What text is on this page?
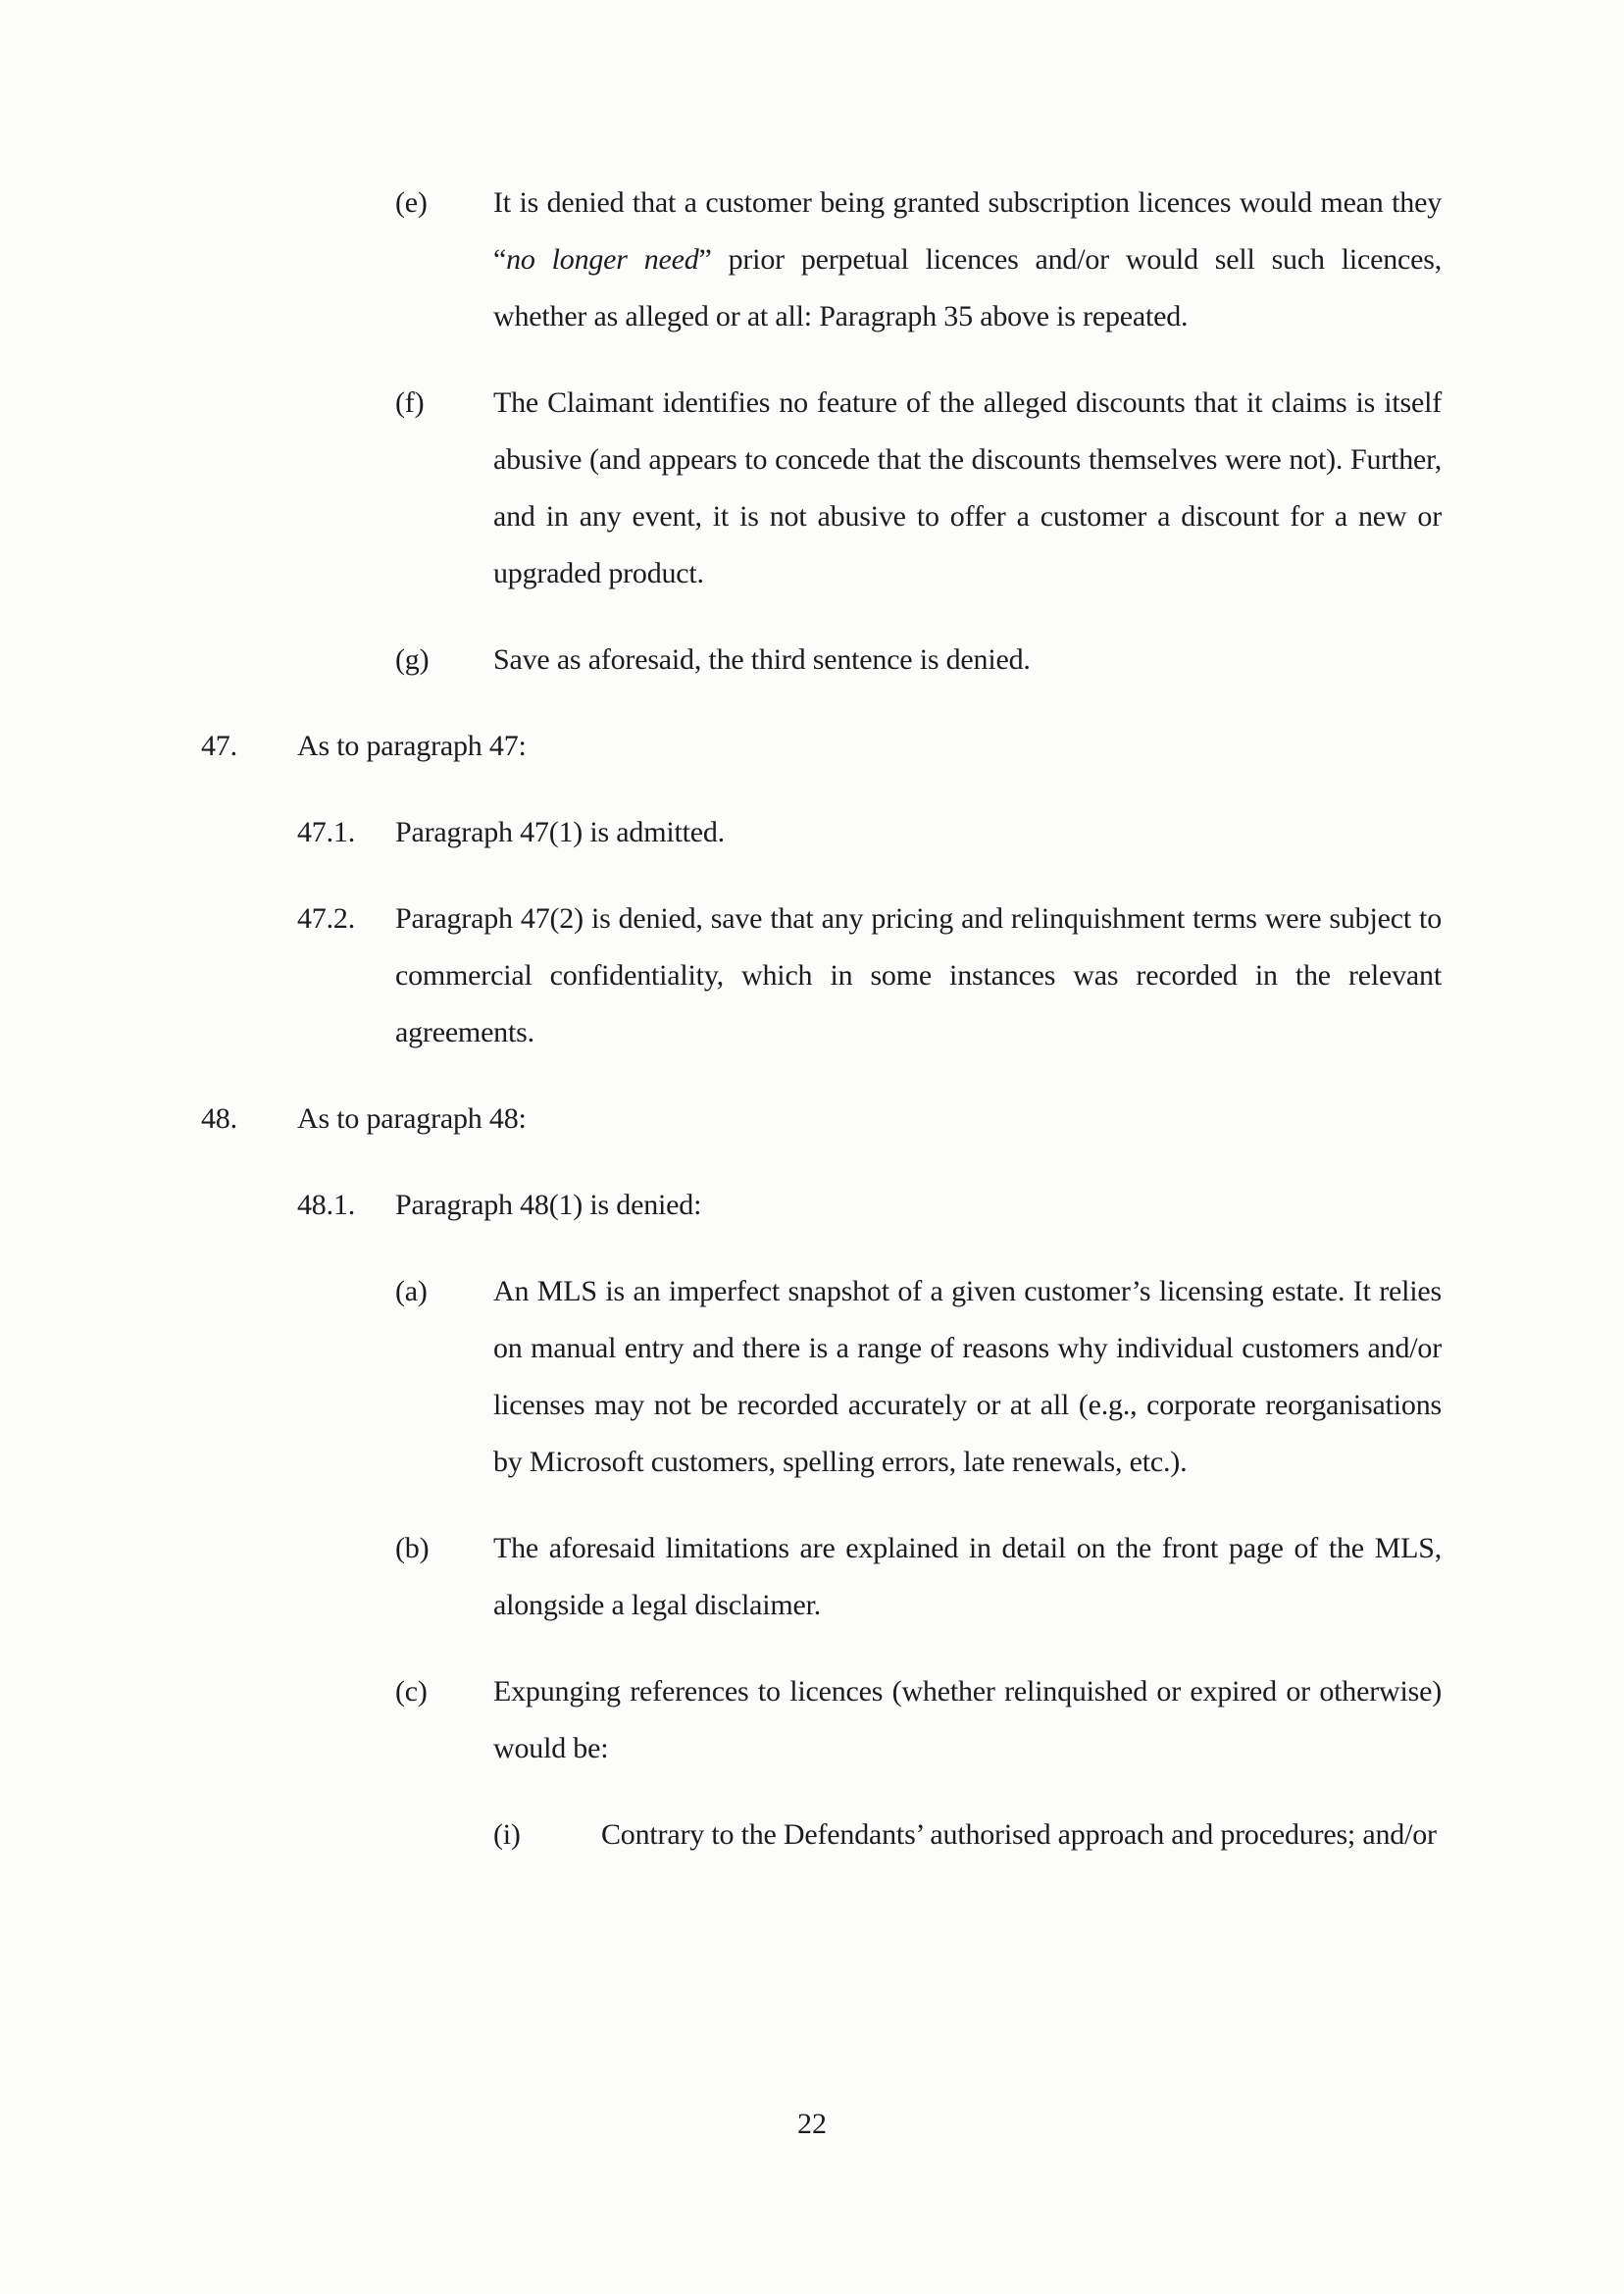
(e)	It is denied that a customer being granted subscription licences would mean they “no longer need” prior perpetual licences and/or would sell such licences, whether as alleged or at all: Paragraph 35 above is repeated.
(f)	The Claimant identifies no feature of the alleged discounts that it claims is itself abusive (and appears to concede that the discounts themselves were not). Further, and in any event, it is not abusive to offer a customer a discount for a new or upgraded product.
(g)	Save as aforesaid, the third sentence is denied.
47.	As to paragraph 47:
47.1.	Paragraph 47(1) is admitted.
47.2.	Paragraph 47(2) is denied, save that any pricing and relinquishment terms were subject to commercial confidentiality, which in some instances was recorded in the relevant agreements.
48.	As to paragraph 48:
48.1.	Paragraph 48(1) is denied:
(a)	An MLS is an imperfect snapshot of a given customer’s licensing estate. It relies on manual entry and there is a range of reasons why individual customers and/or licenses may not be recorded accurately or at all (e.g., corporate reorganisations by Microsoft customers, spelling errors, late renewals, etc.).
(b)	The aforesaid limitations are explained in detail on the front page of the MLS, alongside a legal disclaimer.
(c)	Expunging references to licences (whether relinquished or expired or otherwise) would be:
(i)	Contrary to the Defendants’ authorised approach and procedures; and/or
22
